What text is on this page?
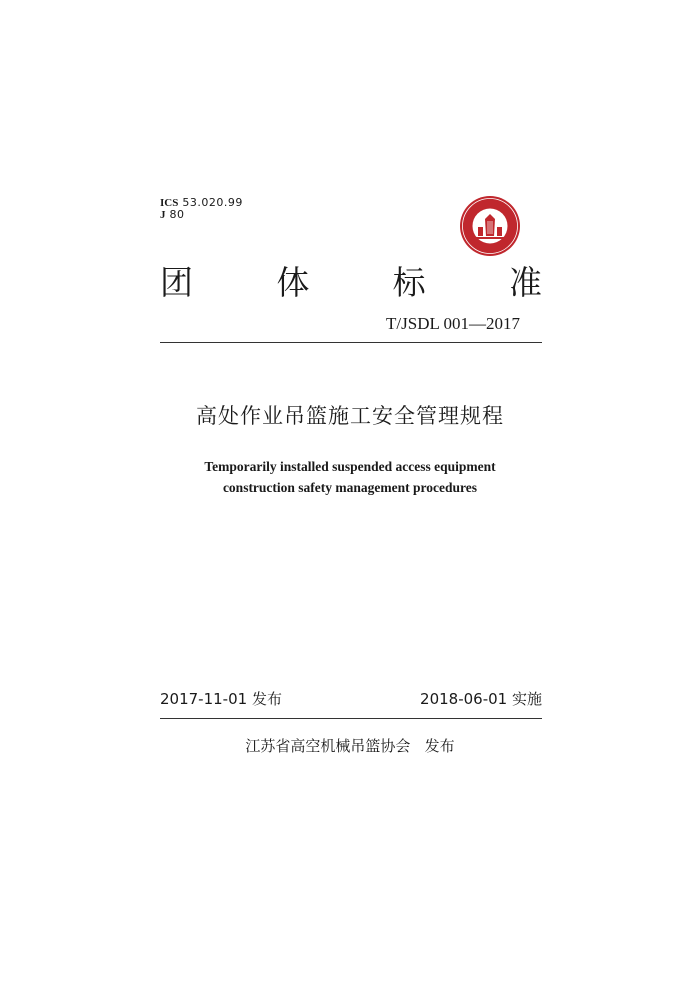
ICS 53.020.99
J 80
团	体	标	准
T/JSDL 001—2017
高处作业吊篮施工安全管理规程
Temporarily installed suspended access equipment
construction safety management procedures
2017-11-01 发布	2018-06-01 实施
江苏省高空机械吊篮协会   发布
